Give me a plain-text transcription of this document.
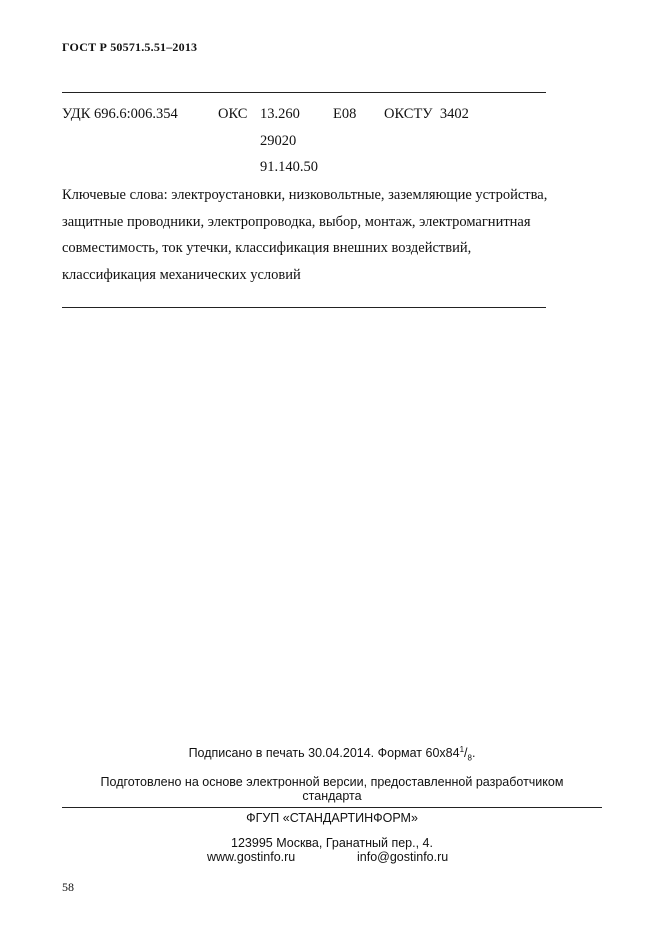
ГОСТ Р 50571.5.51–2013
УДК 696.6:006.354	ОКС 13.260
29020
91.140.50
Е08 ОКСТУ  3402
Ключевые слова: электроустановки, низковольтные, заземляющие устройства,
защитные проводники, электропроводка, выбор, монтаж, электромагнитная
совместимость, ток утечки, классификация внешних воздействий,
классификация механических условий
Подписано в печать 30.04.2014. Формат $60х84^1/_8$.
Подготовлено на основе электронной версии, предоставленной разработчиком
стандарта
ФГУП «СТАНДАРТИНФОРМ»
123995 Москва, Гранатный пер., 4.
www.gostinfo.ru	info@gostinfo.ru
58
